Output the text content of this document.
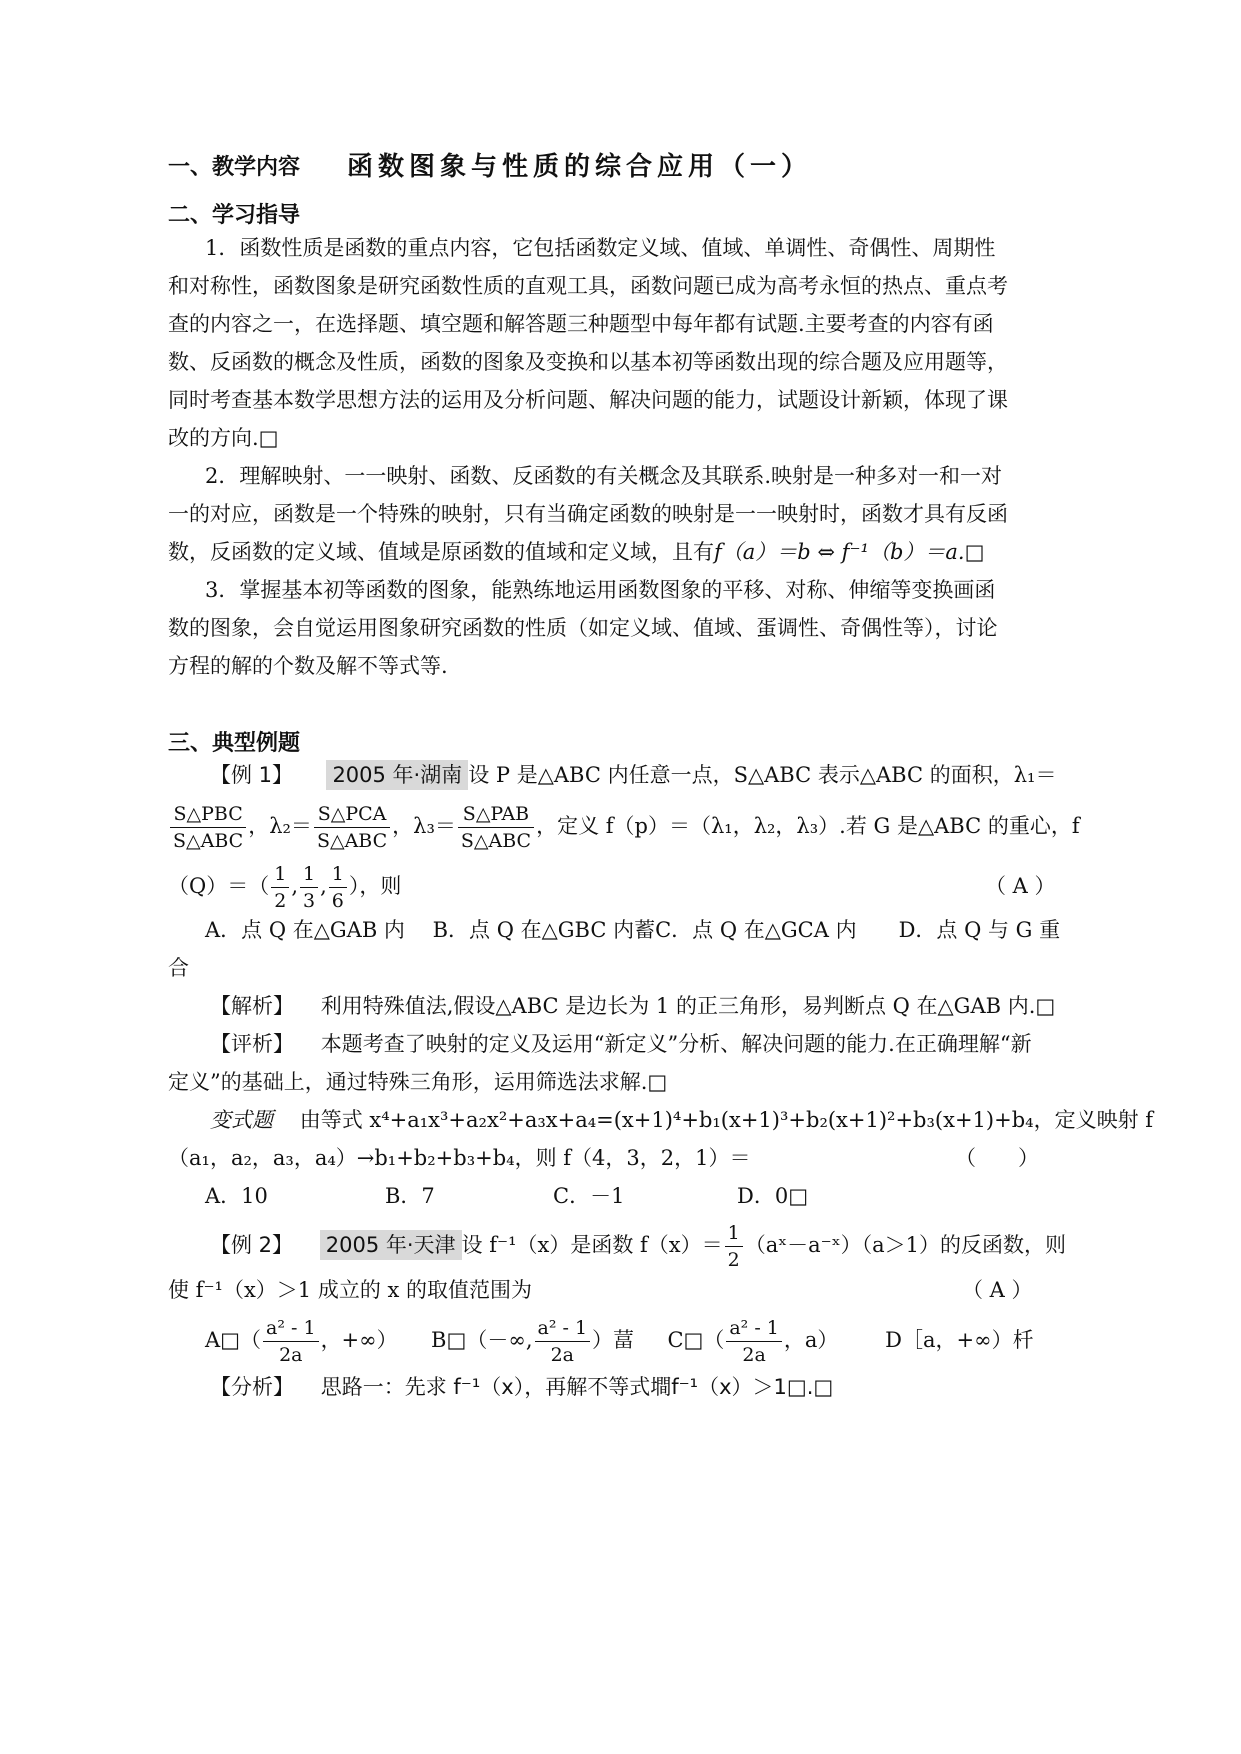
一、教学内容 函数图象与性质的综合应用（一）
二、学习指导
1．函数性质是函数的重点内容，它包括函数定义域、值域、单调性、奇偶性、周期性
和对称性，函数图象是研究函数性质的直观工具，函数问题已成为高考永恒的热点、重点考
查的内容之一，在选择题、填空题和解答题三种题型中每年都有试题.主要考查的内容有函
数、反函数的概念及性质，函数的图象及变换和以基本初等函数出现的综合题及应用题等，
同时考查基本数学思想方法的运用及分析问题、解决问题的能力，试题设计新颖，体现了课
改的方向.□
2．理解映射、一一映射、函数、反函数的有关概念及其联系.映射是一种多对一和一对
一的对应，函数是一个特殊的映射，只有当确定函数的映射是一一映射时，函数才具有反函
数，反函数的定义域、值域是原函数的值域和定义域，且有f（a）＝b ⇔ f⁻¹（b）＝a.□
3．掌握基本初等函数的图象，能熟练地运用函数图象的平移、对称、伸缩等变换画函
数的图象，会自觉运用图象研究函数的性质（如定义域、值域、蛋调性、奇偶性等），讨论
方程的解的个数及解不等式等.
三、典型例题
【例 1】 2005 年·湖南 设 P 是△ABC 内任意一点，S△ABC 表示△ABC 的面积，λ₁＝
$\frac{\text{S△PBC}}{\text{S△ABC}}$ ，$\lambda_2= \frac{\text{S△PCA}}{\text{S△ABC}}$ ，$\lambda_3= \frac{\text{S△PAB}}{\text{S△ABC}}$ ，定义 f（p）＝（λ₁，λ₂，λ₃）.若 G 是△ABC 的重心，f
$(Q)=( \frac{1}{2}$ , $\frac{1}{3}$ , $\frac{1}{6}$ ），则	（ A ）
A．点 Q 在△GAB 内　 B．点 Q 在△GBC 内蓄C．点 Q 在△GCA 内　　D．点 Q 与 G 重
合
【解析】 利用特殊值法,假设△ABC 是边长为 1 的正三角形，易判断点 Q 在△GAB 内.□
【评析】 本题考查了映射的定义及运用“新定义”分析、解决问题的能力.在正确理解“新
定义”的基础上，通过特殊三角形，运用筛选法求解.□
变式题 由等式 x⁴+a₁x³+a₂x²+a₃x+a₄=(x+1)⁴+b₁(x+1)³+b₂(x+1)²+b₃(x+1)+b₄，定义映射 f
（a₁，a₂，a₃，a₄）→b₁+b₂+b₃+b₄，则 f（4，3，2，1）＝	（　　）
A．10	B．7	C．－1	D．0□
【例 2】 2005 年·天津 设 f⁻¹（x）是函数 $f(x)= \frac{1}{2}$ （aˣ－a⁻ˣ）（a＞1）的反函数，则
使 f⁻¹（x）＞1 成立的 x 的取值范围为	（ A ）
A□（ $\frac{\text{a² - 1}}{2a}$ ，+∞） B□（－∞, $\frac{\text{a² - 1}}{2a}$ ）葍 C□（ $\frac{\text{a² - 1}}{2a}$ ，a） D［a，+∞）杄
【分析】 思路一：先求 f⁻¹（x），再解不等式墹f⁻¹（x）＞1□.□
